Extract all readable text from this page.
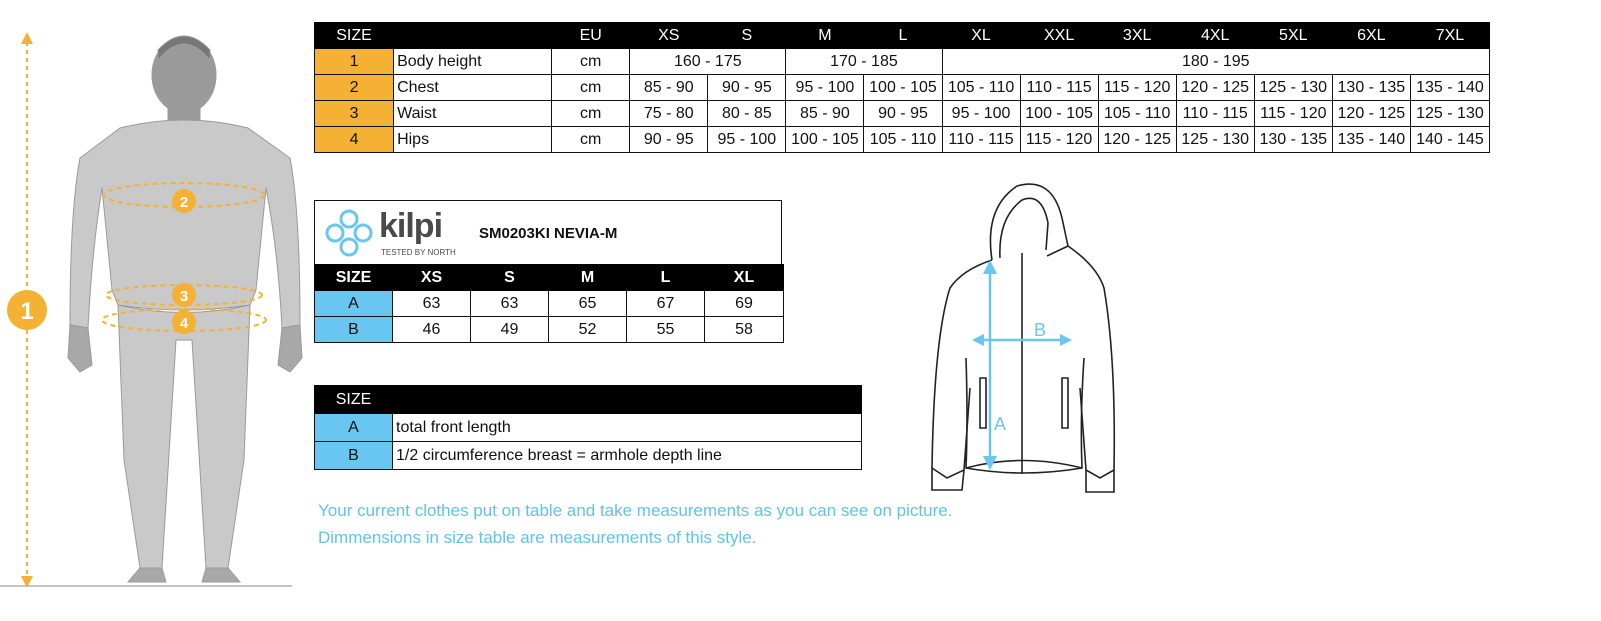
1
2
3
4
SIZE		EU	XS	S	M	L	XL	XXL	3XL	4XL	5XL	6XL	7XL
1	Body height	cm	160 - 175		170 - 185		180 - 195						
2	Chest	cm	85 - 90	90 - 95	95 - 100	100 - 105	105 - 110	110 - 115	115 - 120	120 - 125	125 - 130	130 - 135	135 - 140
3	Waist	cm	75 - 80	80 - 85	85 - 90	90 - 95	95 - 100	100 - 105	105 - 110	110 - 115	115 - 120	120 - 125	125 - 130
4	Hips	cm	90 - 95	95 - 100	100 - 105	105 - 110	110 - 115	115 - 120	120 - 125	125 - 130	130 - 135	135 - 140	140 - 145
kilpi
TESTED BY NORTH
SM0203KI NEVIA-M
SIZE	XS	S	M	L	XL
A	63	63	65	67	69
B	46	49	52	55	58
SIZE	
A	total front length
B	1/2 circumference breast = armhole depth line
Your current clothes put on table and take measurements as you can see on picture.
Dimmensions in size table are measurements of this style.
A
B
